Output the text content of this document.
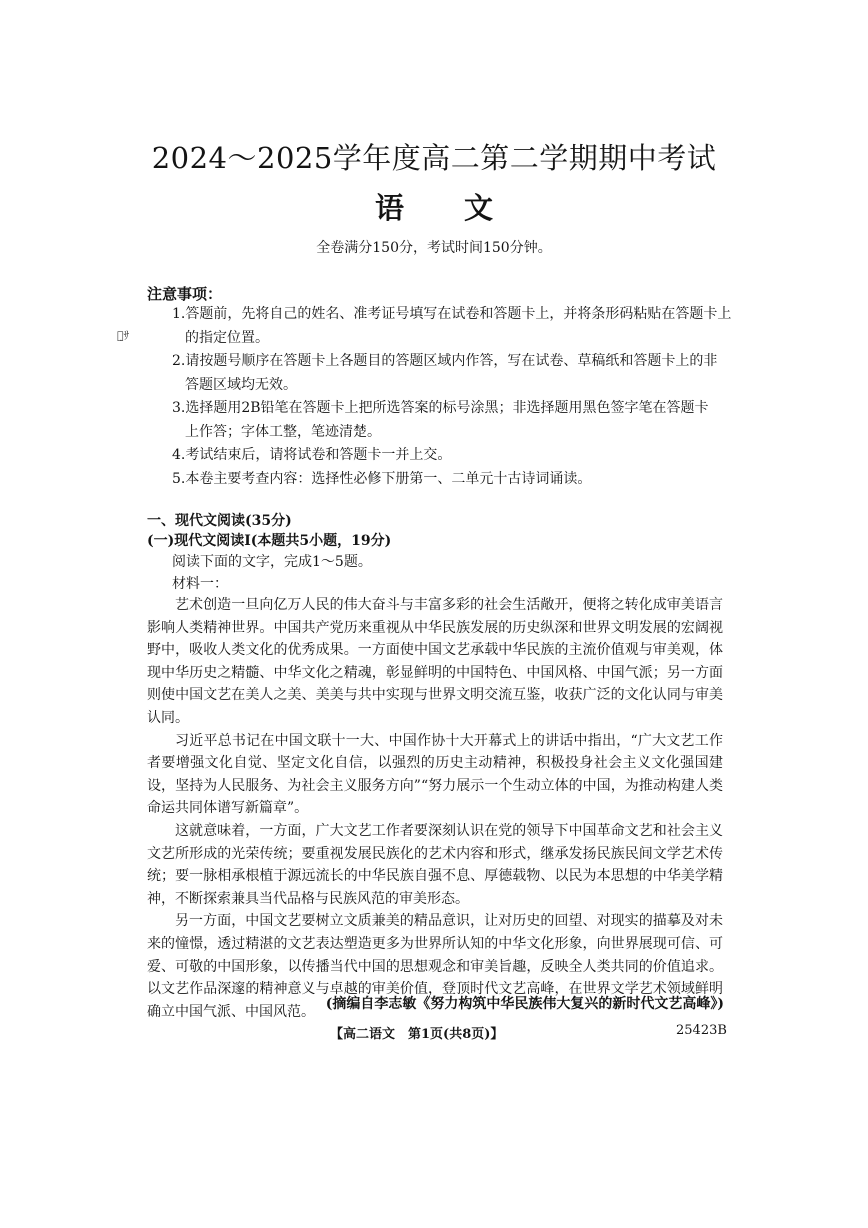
2024～2025学年度高二第二学期期中考试
语文
全卷满分150分，考试时间150分钟。
注意事项：
ﾍ̣ｻ
1.答题前，先将自己的姓名、准考证号填写在试卷和答题卡上，并将条形码粘贴在答题卡上
的指定位置。
2.请按题号顺序在答题卡上各题目的答题区域内作答，写在试卷、草稿纸和答题卡上的非
答题区域均无效。
3.选择题用2B铅笔在答题卡上把所选答案的标号涂黑；非选择题用黑色签字笔在答题卡
上作答；字体工整，笔迹清楚。
4.考试结束后，请将试卷和答题卡一并上交。
5.本卷主要考查内容：选择性必修下册第一、二单元十古诗词诵读。
一、现代文阅读(35分)
(一)现代文阅读Ⅰ(本题共5小题，19分)
阅读下面的文字，完成1～5题。
材料一：

艺术创造一旦向亿万人民的伟大奋斗与丰富多彩的社会生活敞开，便将之转化成审美语言影响人类精神世界。中国共产党历来重视从中华民族发展的历史纵深和世界文明发展的宏阔视野中，吸收人类文化的优秀成果。一方面使中国文艺承载中华民族的主流价值观与审美观，体现中华历史之精髓、中华文化之精魂，彰显鲜明的中国特色、中国风格、中国气派；另一方面则使中国文艺在美人之美、美美与共中实现与世界文明交流互鉴，收获广泛的文化认同与审美认同。

习近平总书记在中国文联十一大、中国作协十大开幕式上的讲话中指出，“广大文艺工作者要增强文化自觉、坚定文化自信，以强烈的历史主动精神，积极投身社会主义文化强国建设，坚持为人民服务、为社会主义服务方向”“努力展示一个生动立体的中国，为推动构建人类命运共同体谱写新篇章”。

这就意味着，一方面，广大文艺工作者要深刻认识在党的领导下中国革命文艺和社会主义文艺所形成的光荣传统；要重视发展民族化的艺术内容和形式，继承发扬民族民间文学艺术传统；要一脉相承根植于源远流长的中华民族自强不息、厚德载物、以民为本思想的中华美学精神，不断探索兼具当代品格与民族风范的审美形态。

另一方面，中国文艺要树立文质兼美的精品意识，让对历史的回望、对现实的描摹及对未来的憧憬，透过精湛的文艺表达塑造更多为世界所认知的中华文化形象，向世界展现可信、可爱、可敬的中国形象，以传播当代中国的思想观念和审美旨趣，反映全人类共同的价值追求。以文艺作品深邃的精神意义与卓越的审美价值，登顶时代文艺高峰，在世界文学艺术领域鲜明确立中国气派、中国风范。 (摘编自李志敏《努力构筑中华民族伟大复兴的新时代文艺高峰》)
【高二语文　第1页(共8页)】	25423B
